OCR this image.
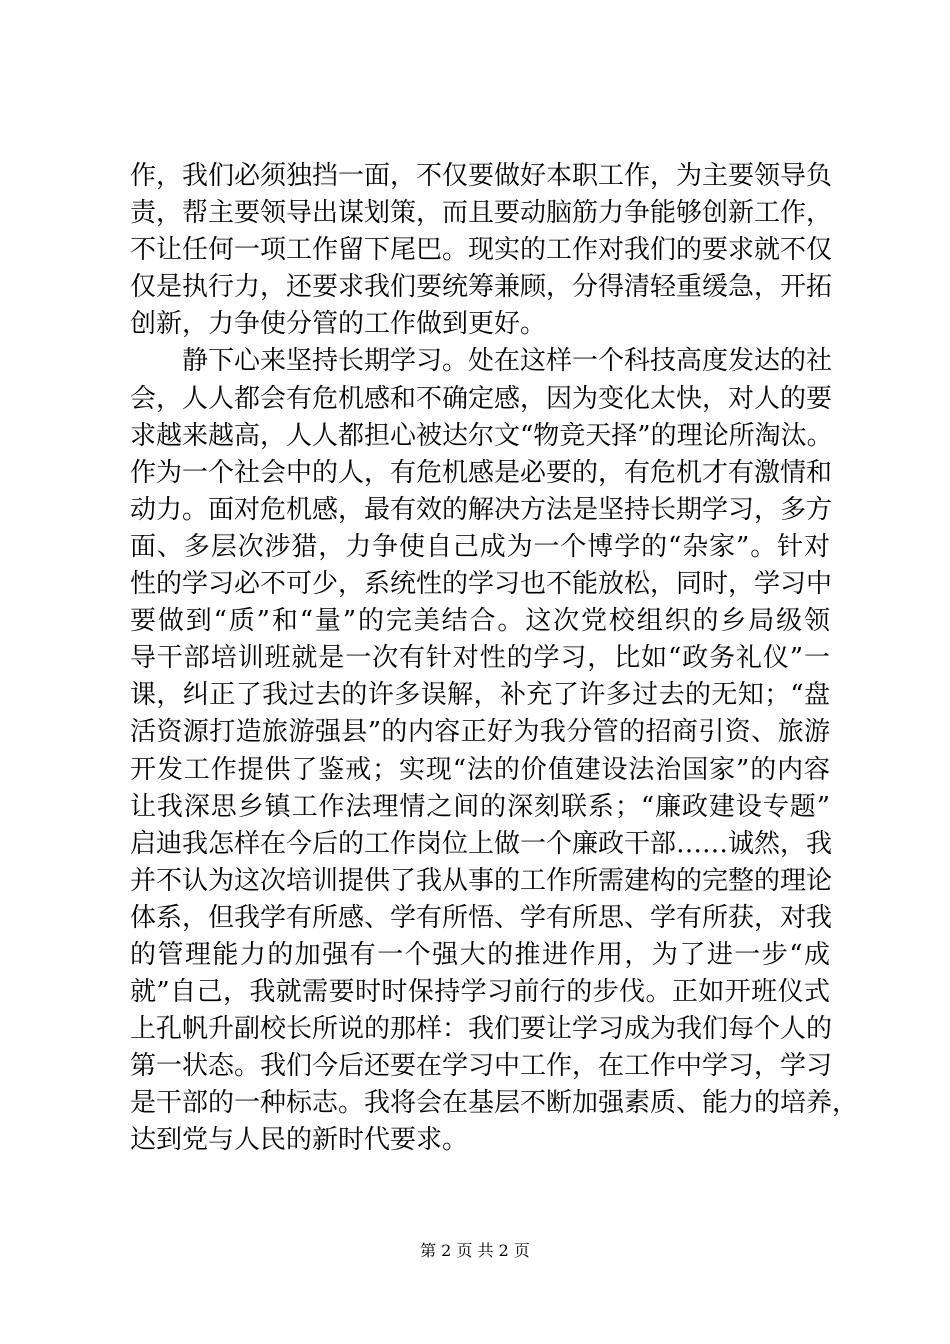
作，我们必须独挡一面，不仅要做好本职工作，为主要领导负
责，帮主要领导出谋划策，而且要动脑筋力争能够创新工作，
不让任何一项工作留下尾巴。现实的工作对我们的要求就不仅
仅是执行力，还要求我们要统筹兼顾，分得清轻重缓急，开拓
创新，力争使分管的工作做到更好。
静下心来坚持长期学习。处在这样一个科技高度发达的社
会，人人都会有危机感和不确定感，因为变化太快，对人的要
求越来越高，人人都担心被达尔文“物竞天择”的理论所淘汰。
作为一个社会中的人，有危机感是必要的，有危机才有激情和
动力。面对危机感，最有效的解决方法是坚持长期学习，多方
面、多层次涉猎，力争使自己成为一个博学的“杂家”。针对
性的学习必不可少，系统性的学习也不能放松，同时，学习中
要做到“质”和“量”的完美结合。这次党校组织的乡局级领
导干部培训班就是一次有针对性的学习，比如“政务礼仪”一
课，纠正了我过去的许多误解，补充了许多过去的无知；“盘
活资源打造旅游强县”的内容正好为我分管的招商引资、旅游
开发工作提供了鉴戒；实现“法的价值建设法治国家”的内容
让我深思乡镇工作法理情之间的深刻联系；“廉政建设专题”
启迪我怎样在今后的工作岗位上做一个廉政干部……诚然，我
并不认为这次培训提供了我从事的工作所需建构的完整的理论
体系，但我学有所感、学有所悟、学有所思、学有所获，对我
的管理能力的加强有一个强大的推进作用，为了进一步“成
就”自己，我就需要时时保持学习前行的步伐。正如开班仪式
上孔帆升副校长所说的那样：我们要让学习成为我们每个人的
第一状态。我们今后还要在学习中工作，在工作中学习，学习
是干部的一种标志。我将会在基层不断加强素质、能力的培养，
达到党与人民的新时代要求。
第 2 页 共 2 页
